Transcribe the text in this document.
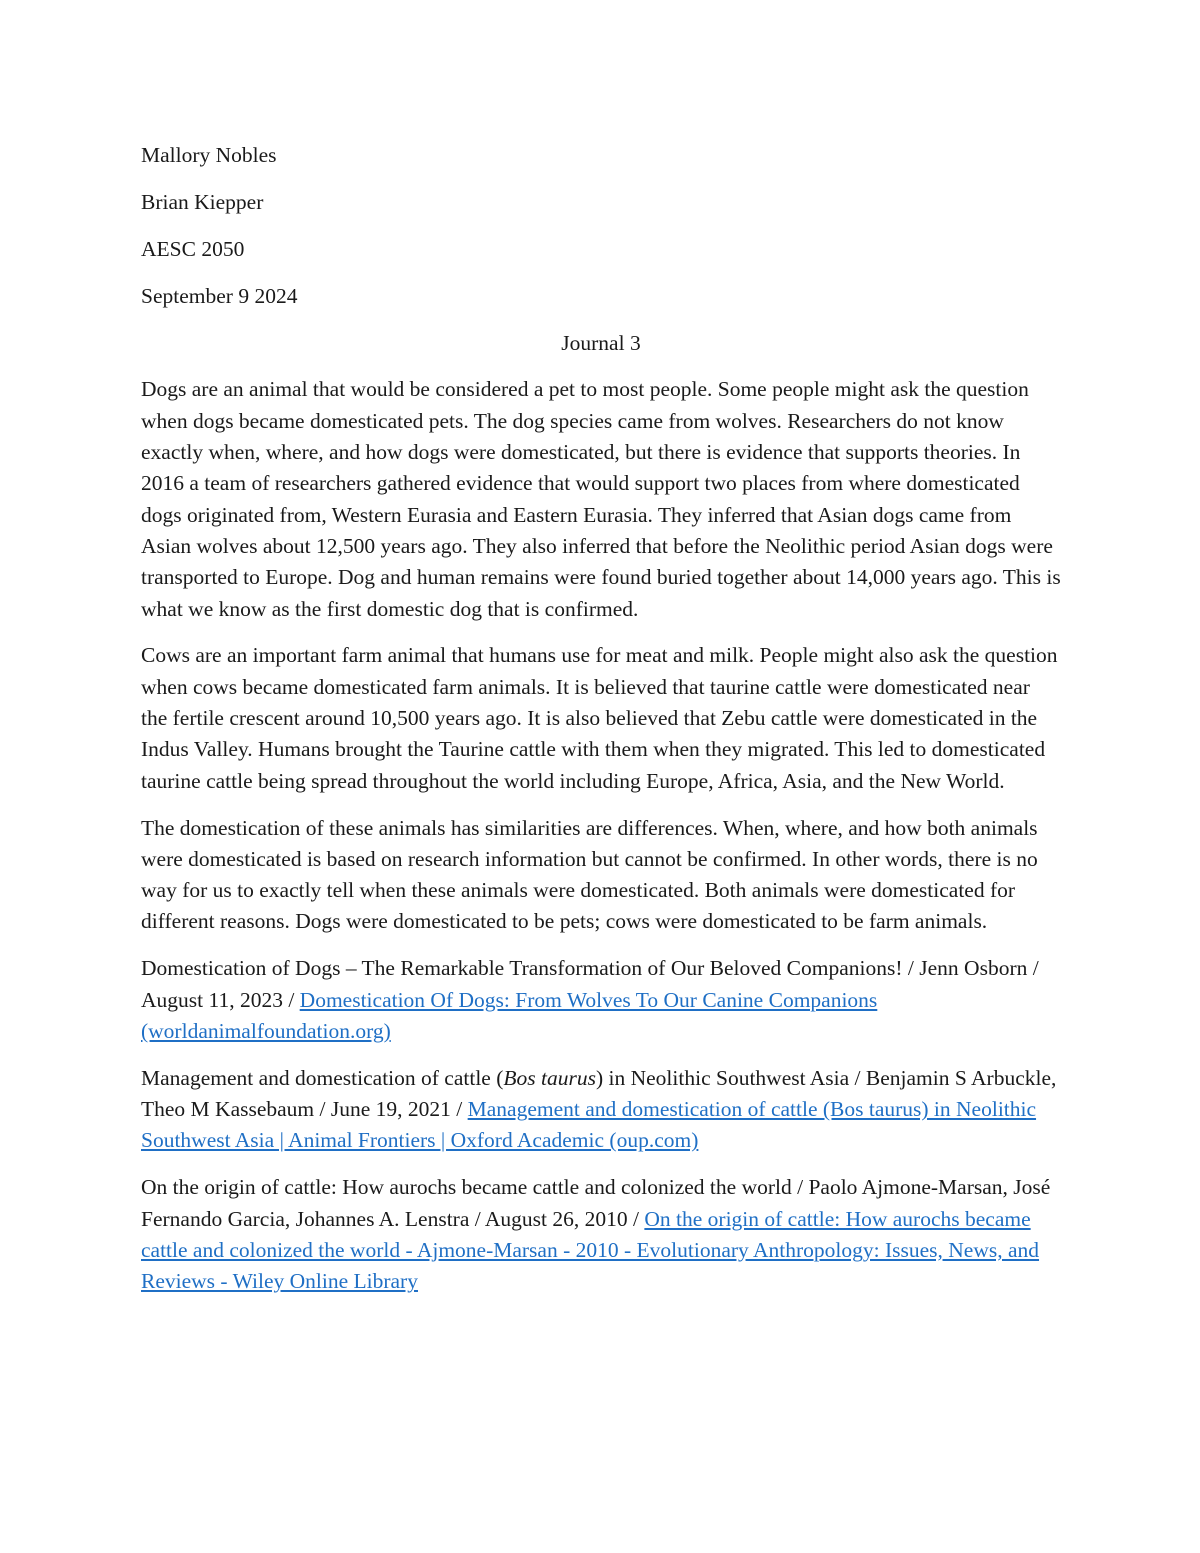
Mallory Nobles
Brian Kiepper
AESC 2050
September 9 2024
Journal 3

Dogs are an animal that would be considered a pet to most people. Some people might ask the question when dogs became domesticated pets. The dog species came from wolves. Researchers do not know exactly when, where, and how dogs were domesticated, but there is evidence that supports theories. In 2016 a team of researchers gathered evidence that would support two places from where domesticated dogs originated from, Western Eurasia and Eastern Eurasia. They inferred that Asian dogs came from Asian wolves about 12,500 years ago. They also inferred that before the Neolithic period Asian dogs were transported to Europe. Dog and human remains were found buried together about 14,000 years ago. This is what we know as the first domestic dog that is confirmed.

Cows are an important farm animal that humans use for meat and milk. People might also ask the question when cows became domesticated farm animals. It is believed that taurine cattle were domesticated near the fertile crescent around 10,500 years ago. It is also believed that Zebu cattle were domesticated in the Indus Valley. Humans brought the Taurine cattle with them when they migrated. This led to domesticated taurine cattle being spread throughout the world including Europe, Africa, Asia, and the New World.

The domestication of these animals has similarities are differences. When, where, and how both animals were domesticated is based on research information but cannot be confirmed. In other words, there is no way for us to exactly tell when these animals were domesticated. Both animals were domesticated for different reasons. Dogs were domesticated to be pets; cows were domesticated to be farm animals.

Domestication of Dogs – The Remarkable Transformation of Our Beloved Companions! / Jenn Osborn / August 11, 2023 / Domestication Of Dogs: From Wolves To Our Canine Companions (worldanimalfoundation.org)

Management and domestication of cattle (Bos taurus) in Neolithic Southwest Asia / Benjamin S Arbuckle, Theo M Kassebaum / June 19, 2021 / Management and domestication of cattle (Bos taurus) in Neolithic Southwest Asia | Animal Frontiers | Oxford Academic (oup.com)

On the origin of cattle: How aurochs became cattle and colonized the world / Paolo Ajmone-Marsan, José Fernando Garcia, Johannes A. Lenstra / August 26, 2010 / On the origin of cattle: How aurochs became cattle and colonized the world - Ajmone-Marsan - 2010 - Evolutionary Anthropology: Issues, News, and Reviews - Wiley Online Library
